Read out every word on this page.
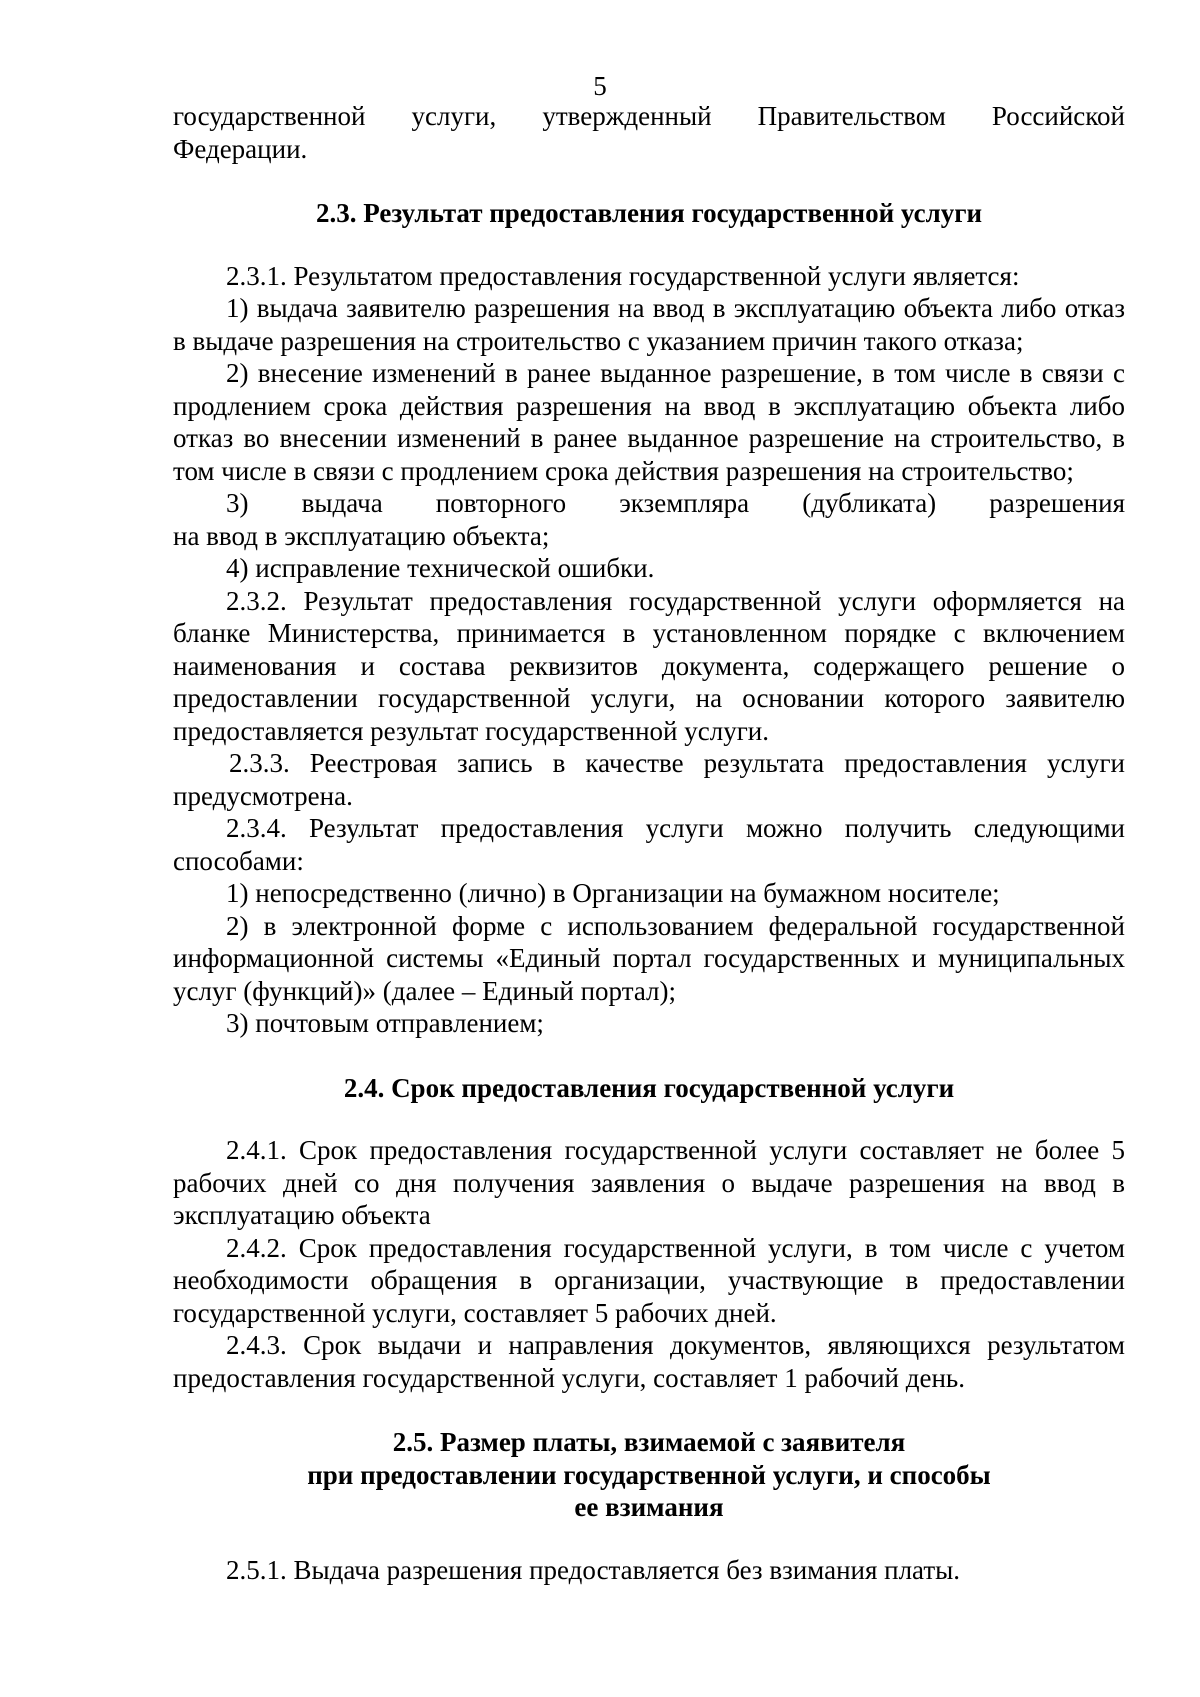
5

государственной услуги, утвержденный Правительством Российской

Федерации.

2.3. Результат предоставления государственной услуги

2.3.1. Результатом предоставления государственной услуги является:

1) выдача заявителю разрешения на ввод в эксплуатацию объекта либо отказ в выдаче разрешения на строительство с указанием причин такого отказа;

2) внесение изменений в ранее выданное разрешение, в том числе в связи с продлением срока действия разрешения на ввод в эксплуатацию объекта либо отказ во внесении изменений в ранее выданное разрешение на строительство, в том числе в связи с продлением срока действия разрешения на строительство;

3) выдача повторного экземпляра (дубликата) разрешения

на ввод в эксплуатацию объекта;

4) исправление технической ошибки.

2.3.2. Результат предоставления государственной услуги оформляется на бланке Министерства, принимается в установленном порядке с включением наименования и состава реквизитов документа, содержащего решение о предоставлении государственной услуги, на основании которого заявителю предоставляется результат государственной услуги.

2.3.3. Реестровая запись в качестве результата предоставления услуги предусмотрена.

2.3.4. Результат предоставления услуги можно получить следующими способами:

1) непосредственно (лично) в Организации на бумажном носителе;

2) в электронной форме с использованием федеральной государственной информационной системы «Единый портал государственных и муниципальных услуг (функций)» (далее – Единый портал);

3) почтовым отправлением;

2.4. Срок предоставления государственной услуги

2.4.1. Срок предоставления государственной услуги составляет не более 5 рабочих дней со дня получения заявления о выдаче разрешения на ввод в эксплуатацию объекта

2.4.2. Срок предоставления государственной услуги, в том числе с учетом необходимости обращения в организации, участвующие в предоставлении государственной услуги, составляет 5 рабочих дней.

2.4.3. Срок выдачи и направления документов, являющихся результатом предоставления государственной услуги, составляет 1 рабочий день.

2.5. Размер платы, взимаемой с заявителя

при предоставлении государственной услуги, и способы

ее взимания

2.5.1. Выдача разрешения предоставляется без взимания платы.
